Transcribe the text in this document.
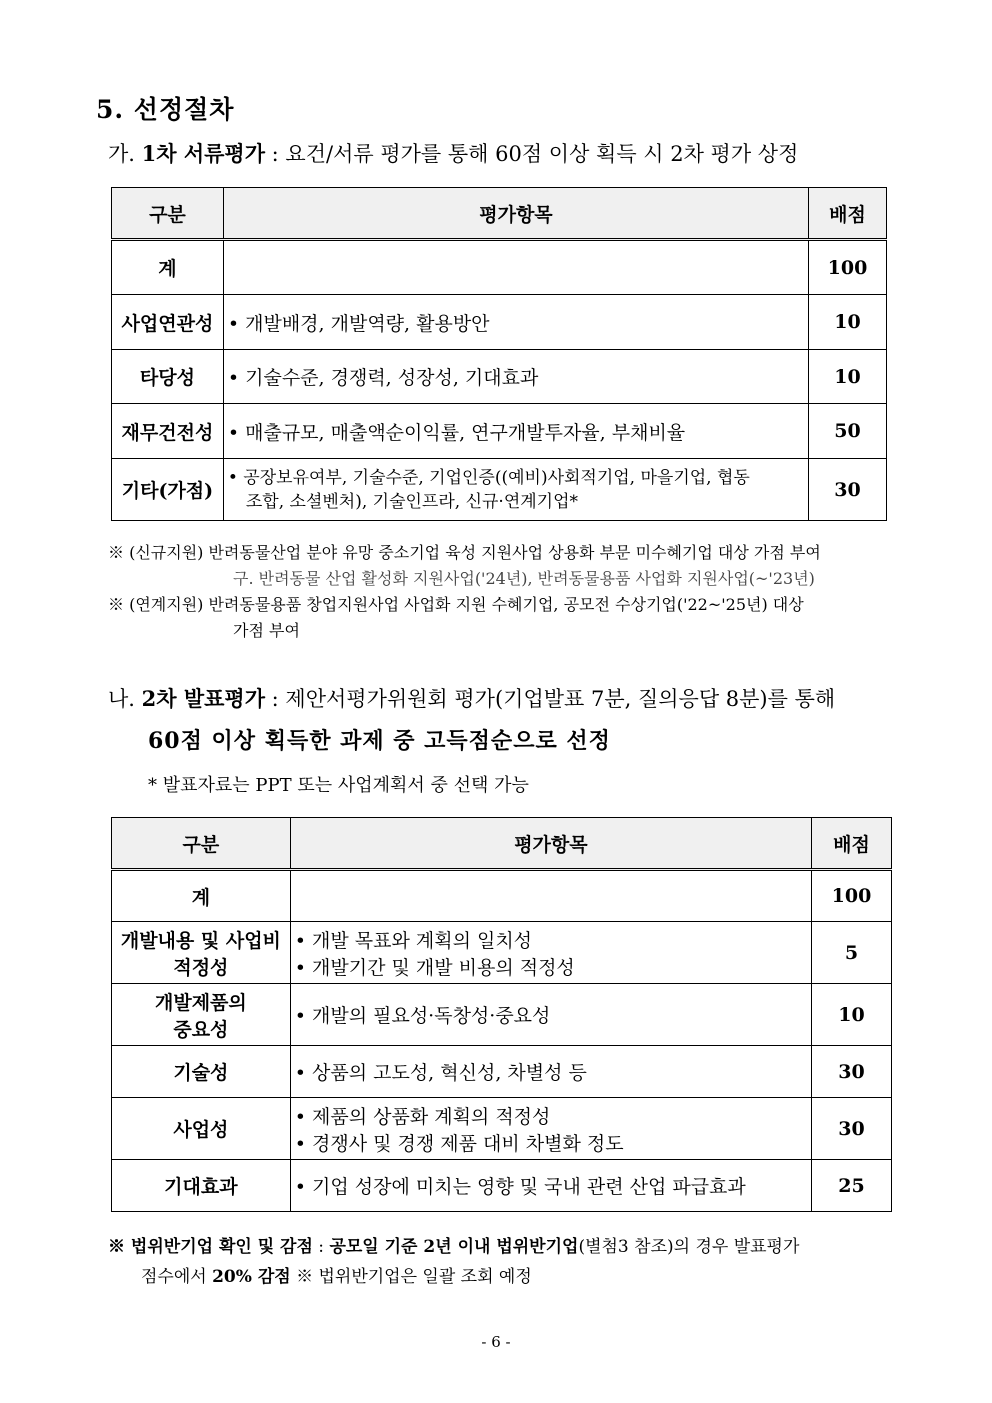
5. 선정절차
가. 1차 서류평가 : 요건/서류 평가를 통해 60점 이상 획득 시 2차 평가 상정
구분	평가항목	배점

계		100

사업연관성	• 개발배경, 개발역량, 활용방안	10

타당성	• 기술수준, 경쟁력, 성장성, 기대효과	10

재무건전성	• 매출규모, 매출액순이익률, 연구개발투자율, 부채비율	50

기타(가점)	• 공장보유여부, 기술수준, 기업인증((예비)사회적기업, 마을기업, 협동
조합, 소셜벤처), 기술인프라, 신규·연계기업*	30
※ (신규지원) 반려동물산업 분야 유망 중소기업 육성 지원사업 상용화 부문 미수혜기업 대상 가점 부여
구. 반려동물 산업 활성화 지원사업('24년), 반려동물용품 사업화 지원사업(~'23년)
※ (연계지원) 반려동물용품 창업지원사업 사업화 지원 수혜기업, 공모전 수상기업('22~'25년) 대상
가점 부여
나. 2차 발표평가 : 제안서평가위원회 평가(기업발표 7분, 질의응답 8분)를 통해
60점 이상 획득한 과제 중 고득점순으로 선정
* 발표자료는 PPT 또는 사업계획서 중 선택 가능
구분	평가항목	배점

계		100

개발내용 및 사업비
적정성	• 개발 목표와 계획의 일치성
• 개발기간 및 개발 비용의 적정성	5

개발제품의
중요성	• 개발의 필요성·독창성·중요성	10

기술성	• 상품의 고도성, 혁신성, 차별성 등	30

사업성	• 제품의 상품화 계획의 적정성
• 경쟁사 및 경쟁 제품 대비 차별화 정도	30

기대효과	• 기업 성장에 미치는 영향 및 국내 관련 산업 파급효과	25
※ 법위반기업 확인 및 감점 : 공모일 기준 2년 이내 법위반기업(별첨3 참조)의 경우 발표평가
점수에서 20% 감점 ※ 법위반기업은 일괄 조회 예정
- 6 -
